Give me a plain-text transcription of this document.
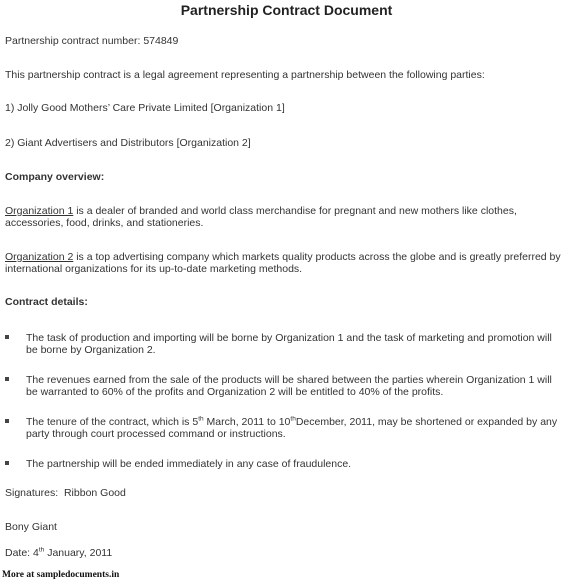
Partnership Contract Document
Partnership contract number: 574849
This partnership contract is a legal agreement representing a partnership between the following parties:
1) Jolly Good Mothers’ Care Private Limited [Organization 1]
2) Giant Advertisers and Distributors [Organization 2]
Company overview:
Organization 1 is a dealer of branded and world class merchandise for pregnant and new mothers like clothes, accessories, food, drinks, and stationeries.
Organization 2 is a top advertising company which markets quality products across the globe and is greatly preferred by international organizations for its up-to-date marketing methods.
Contract details:
The task of production and importing will be borne by Organization 1 and the task of marketing and promotion will be borne by Organization 2.
The revenues earned from the sale of the products will be shared between the parties wherein Organization 1 will be warranted to 60% of the profits and Organization 2 will be entitled to 40% of the profits.
The tenure of the contract, which is 5th March, 2011 to 10thDecember, 2011, may be shortened or expanded by any party through court processed command or instructions.
The partnership will be ended immediately in any case of fraudulence.
Signatures: Ribbon Good
Bony Giant
Date: 4th January, 2011
More at sampledocuments.in
